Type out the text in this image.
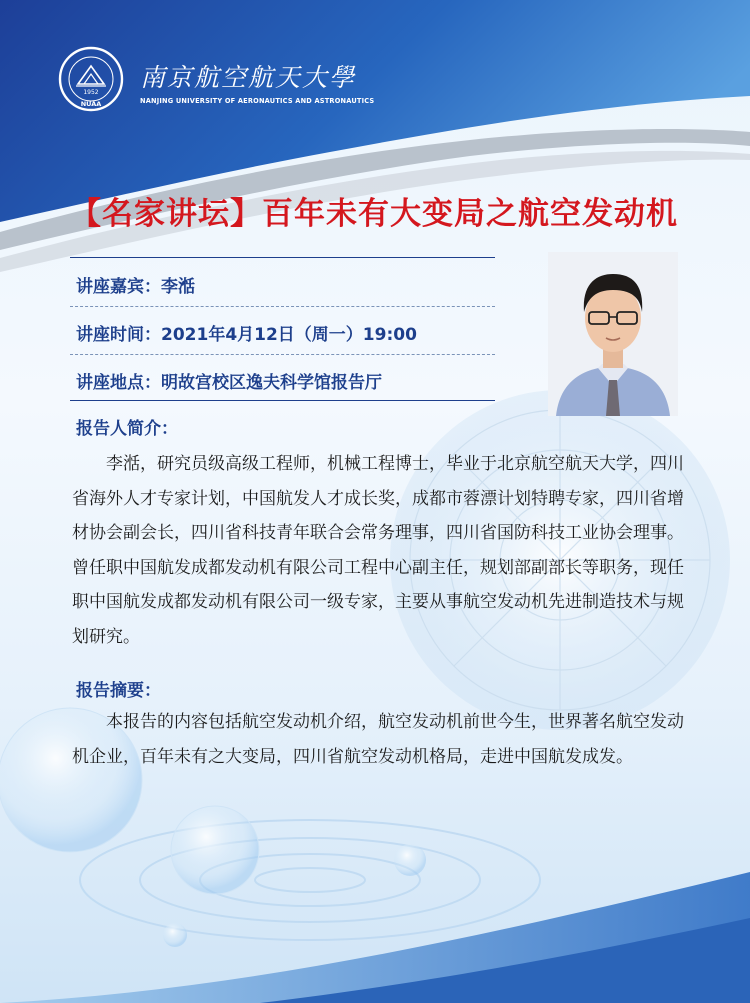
1952
NUAA
南京航空航天大學
NANJING UNIVERSITY OF AERONAUTICS AND ASTRONAUTICS
【名家讲坛】百年未有大变局之航空发动机
讲座嘉宾：李湉
讲座时间：2021年4月12日（周一）19:00
讲座地点：明故宫校区逸夫科学馆报告厅
报告人简介：
李湉，研究员级高级工程师，机械工程博士，毕业于北京航空航天大学，四川省海外人才专家计划，中国航发人才成长奖，成都市蓉漂计划特聘专家，四川省增材协会副会长，四川省科技青年联合会常务理事，四川省国防科技工业协会理事。曾任职中国航发成都发动机有限公司工程中心副主任，规划部副部长等职务，现任职中国航发成都发动机有限公司一级专家，主要从事航空发动机先进制造技术与规划研究。
报告摘要：
本报告的内容包括航空发动机介绍，航空发动机前世今生，世界著名航空发动机企业，百年未有之大变局，四川省航空发动机格局，走进中国航发成发。
